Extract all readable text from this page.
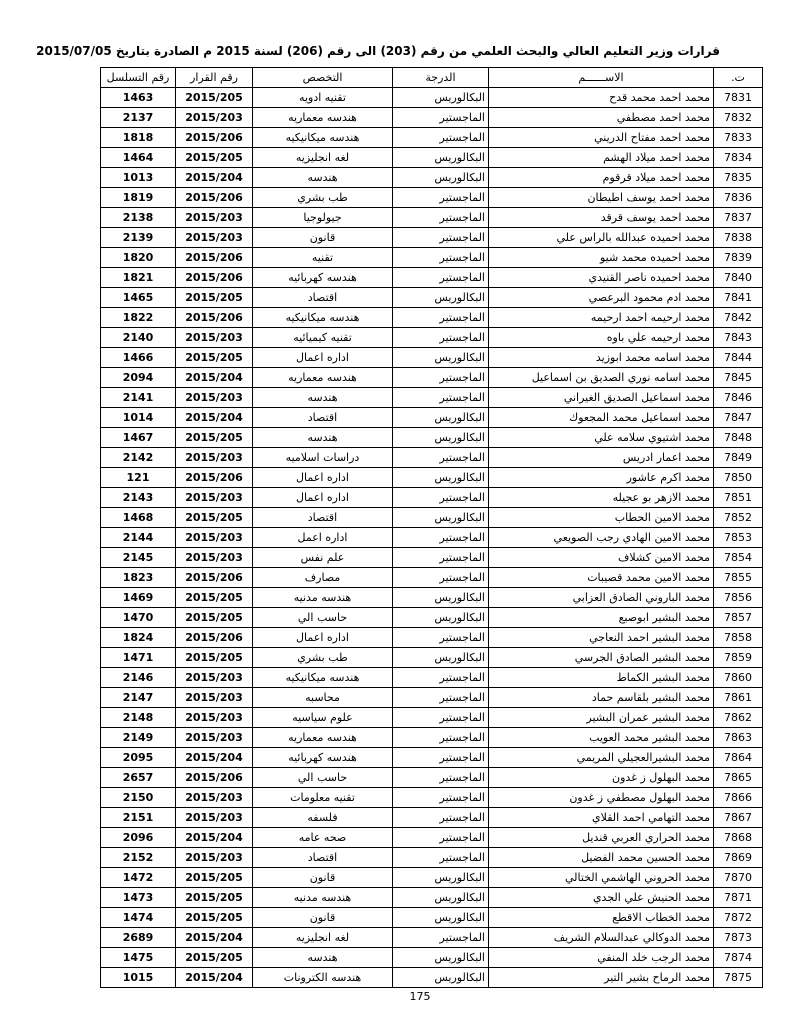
قرارات وزير التعليم العالي والبحث العلمي من رقم (203) الى رقم (206) لسنة 2015 م الصادرة بتاريخ 2015/07/05
رقم التسلسل	رقم القرار	التخصص	الدرجة	الاســــــم	ت.
1463	2015/205	تقنيه ادويه	البكالوريس	محمد احمد محمد قدح	7831
2137	2015/203	هندسه معماريه	الماجستير	محمد احمد مصطفي	7832
1818	2015/206	هندسه ميكانيكيه	الماجستير	محمد احمد مفتاح الدريني	7833
1464	2015/205	لغه انجليزيه	البكالوريس	محمد احمد ميلاد الهشم	7834
1013	2015/204	هندسه	البكالوريس	محمد احمد ميلاد قرقوم	7835
1819	2015/206	طب بشري	الماجستير	محمد احمد يوسف اطيطان	7836
2138	2015/203	جيولوجيا	الماجستير	محمد احمد يوسف قرقد	7837
2139	2015/203	قانون	الماجستير	محمد احميده عبدالله بالراس علي	7838
1820	2015/206	تقنيه	الماجستير	محمد احميده محمد شيو	7839
1821	2015/206	هندسه كهربائيه	الماجستير	محمد احميده ناصر القنيدي	7840
1465	2015/205	اقتصاد	البكالوريس	محمد ادم محمود البرعصي	7841
1822	2015/206	هندسه ميكانيكيه	الماجستير	محمد ارحيمه احمد ارحيمه	7842
2140	2015/203	تقنيه كيميائيه	الماجستير	محمد ارحيمه علي باوه	7843
1466	2015/205	اداره اعمال	البكالوريس	محمد اسامه محمد ابوزيد	7844
2094	2015/204	هندسه معماريه	الماجستير	محمد اسامه نوري الصديق بن اسماعيل	7845
2141	2015/203	هندسه	الماجستير	محمد اسماعيل الصديق الغيراني	7846
1014	2015/204	اقتصاد	البكالوريس	محمد اسماعيل محمد المجعوك	7847
1467	2015/205	هندسه	البكالوريس	محمد اشتيوي سلامه علي	7848
2142	2015/203	دراسات اسلاميه	الماجستير	محمد اعمار ادريس	7849
121	2015/206	اداره اعمال	البكالوريس	محمد اكرم عاشور	7850
2143	2015/203	اداره اعمال	الماجستير	محمد الازهر بو عجيله	7851
1468	2015/205	اقتصاد	البكالوريس	محمد الامين الحطاب	7852
2144	2015/203	اداره اعمل	الماجستير	محمد الامين الهادي رجب الصويعي	7853
2145	2015/203	علم نفس	الماجستير	محمد الامين كشلاف	7854
1823	2015/206	مصارف	الماجستير	محمد الامين محمد قصيبات	7855
1469	2015/205	هندسه مدنيه	البكالوريس	محمد الباروني الصادق العزابي	7856
1470	2015/205	حاسب الي	البكالوريس	محمد البشير ابوصبع	7857
1824	2015/206	اداره اعمال	الماجستير	محمد البشير احمد النعاجي	7858
1471	2015/205	طب بشري	البكالوريس	محمد البشير الصادق الجرسي	7859
2146	2015/203	هندسه ميكانيكيه	الماجستير	محمد البشير الكماط	7860
2147	2015/203	محاسبه	الماجستير	محمد البشير بلقاسم حماد	7861
2148	2015/203	علوم سياسيه	الماجستير	محمد البشير عمران البشير	7862
2149	2015/203	هندسه معماريه	الماجستير	محمد البشير محمد العويب	7863
2095	2015/204	هندسه كهربائيه	الماجستير	محمد البشيرالعجيلي المريمي	7864
2657	2015/206	حاسب الي	الماجستير	محمد البهلول ز غدون	7865
2150	2015/203	تقنيه معلومات	الماجستير	محمد البهلول مصطفي ز غدون	7866
2151	2015/203	فلسفه	الماجستير	محمد التهامي احمد القلاي	7867
2096	2015/204	صحه عامه	الماجستير	محمد الحراري العربي قنديل	7868
2152	2015/203	اقتصاد	الماجستير	محمد الحسين محمد الفضيل	7869
1472	2015/205	قانون	البكالوريس	محمد الحروني الهاشمي الختالي	7870
1473	2015/205	هندسه مدنيه	البكالوريس	محمد الحنيش علي الجدي	7871
1474	2015/205	قانون	البكالوريس	محمد الخطاب الاقطع	7872
2689	2015/204	لغه انجليزيه	الماجستير	محمد الدوكالي عبدالسلام الشريف	7873
1475	2015/205	هندسه	البكالوريس	محمد الرجب خلد المنفي	7874
1015	2015/204	هندسه الكترونات	البكالوريس	محمد الرماح بشير التير	7875
175
